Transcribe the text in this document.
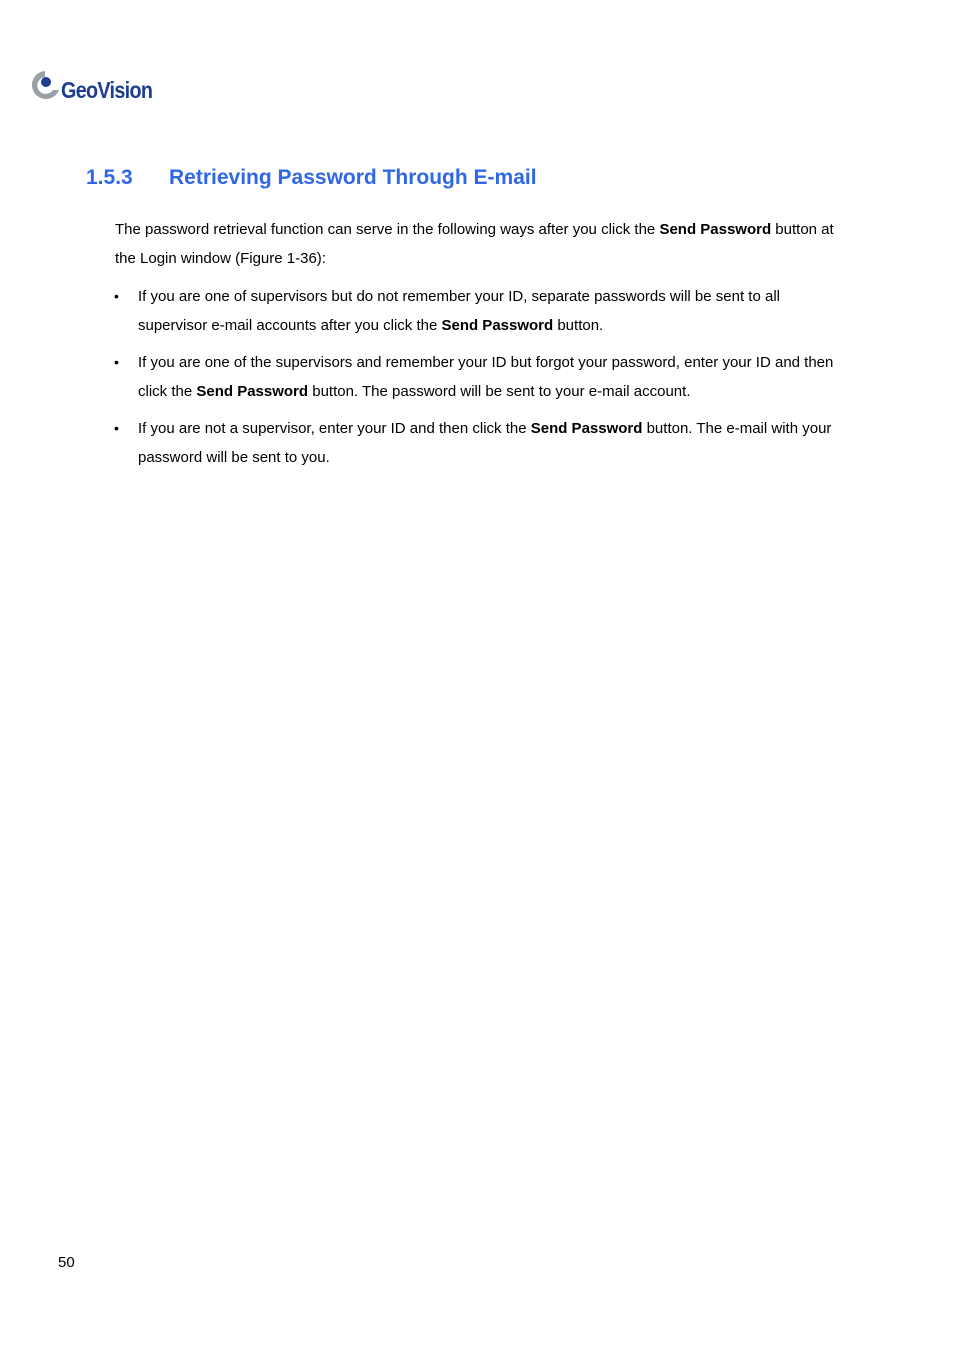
GeoVision
1.5.3 Retrieving Password Through E-mail

The password retrieval function can serve in the following ways after you click the Send Password button at the Login window (Figure 1-36):

• If you are one of supervisors but do not remember your ID, separate passwords will be sent to all supervisor e-mail accounts after you click the Send Password button.
• If you are one of the supervisors and remember your ID but forgot your password, enter your ID and then click the Send Password button. The password will be sent to your e-mail account.
• If you are not a supervisor, enter your ID and then click the Send Password button. The e-mail with your password will be sent to you.
50
